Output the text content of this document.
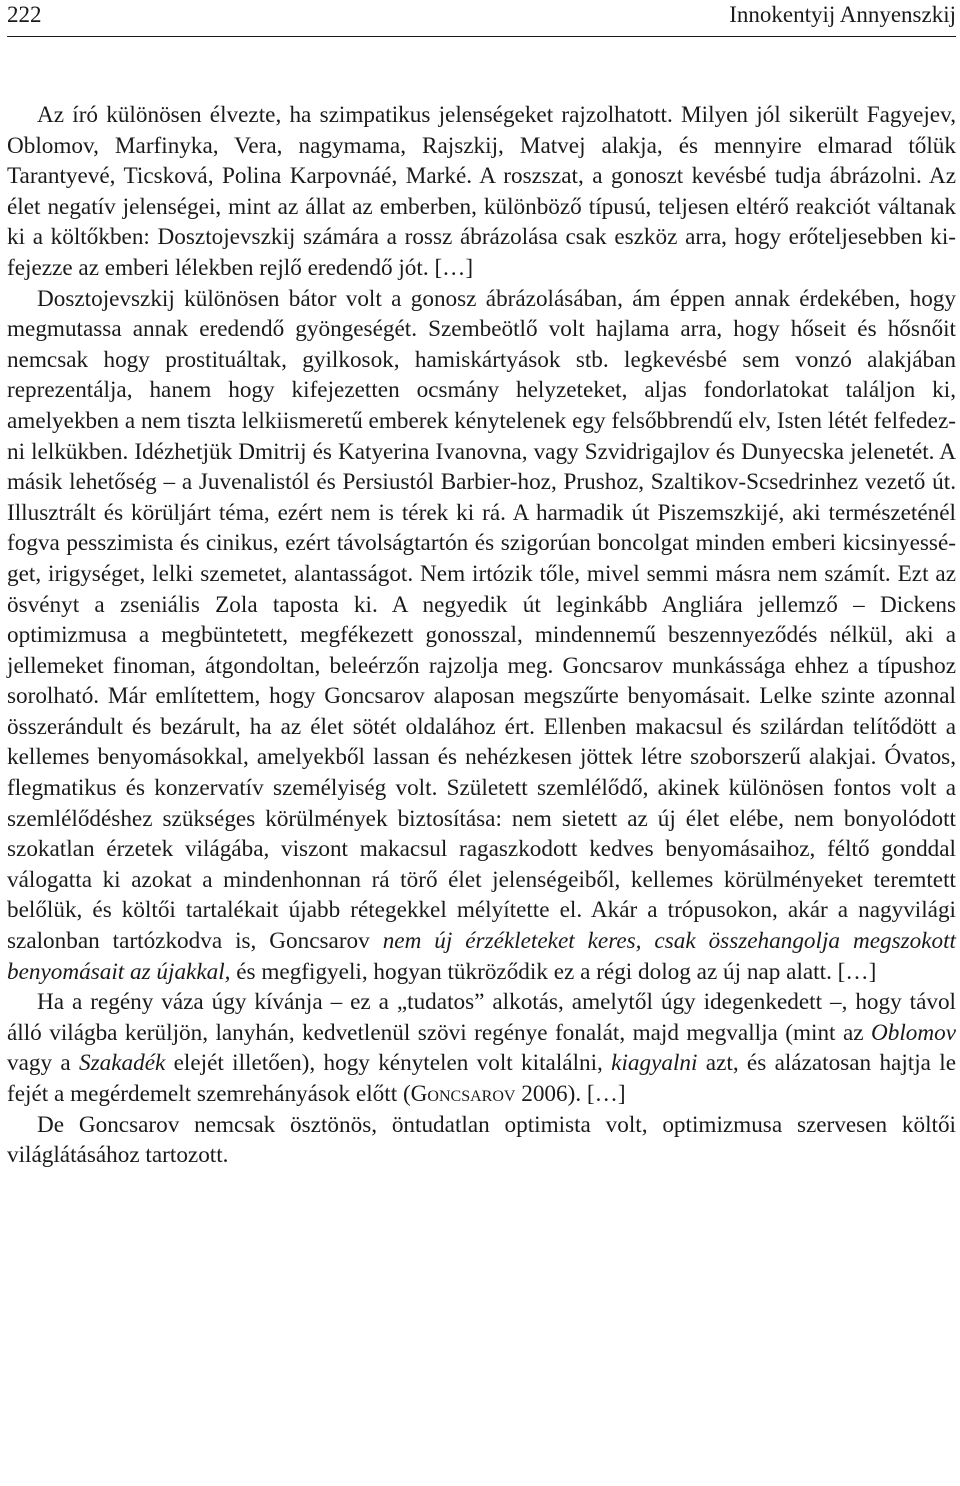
222	Innokentyij Annyenszkij

Az író különösen élvezte, ha szimpatikus jelenségeket rajzolhatott. Milyen jól sikerült Fagyejev, Oblomov, Marfinyka, Vera, nagymama, Rajszkij, Matvej alakja, és mennyire elmarad tőlük Tarantyevé, Ticsková, Polina Karpovnáé, Marké. A roszszat, a gonoszt kevésbé tudja ábrázolni. Az élet negatív jelenségei, mint az állat az emberben, különböző típusú, teljesen eltérő reakciót váltanak ki a költőkben: Dosztojevszkij számára a rossz ábrázolása csak eszköz arra, hogy erőteljesebben kifejezze az emberi lélekben rejlő eredendő jót. […]

Dosztojevszkij különösen bátor volt a gonosz ábrázolásában, ám éppen annak érdekében, hogy megmutassa annak eredendő gyöngeségét. Szembeötlő volt hajlama arra, hogy hőseit és hősnőit nemcsak hogy prostituáltak, gyilkosok, hamiskártyások stb. legkevésbé sem vonzó alakjában reprezentálja, hanem hogy kifejezetten ocsmány helyzeteket, aljas fondorlatokat találjon ki, amelyekben a nem tiszta lelkiismeretű emberek kénytelenek egy felsőbbrendű elv, Isten létét felfedezni lelkükben. Idézhetjük Dmitrij és Katyerina Ivanovna, vagy Szvidrigajlov és Dunyecska jelenetét. A másik lehetőség – a Juvenalistól és Persiustól Barbier-hoz, Prushoz, Szaltikov-Scsedrinhez vezető út. Illusztrált és körüljárt téma, ezért nem is térek ki rá. A harmadik út Piszemszkijé, aki természeténél fogva pesszimista és cinikus, ezért távolságtartón és szigorúan boncolgat minden emberi kicsinyességet, irigységet, lelki szemetet, alantasságot. Nem irtózik tőle, mivel semmi másra nem számít. Ezt az ösvényt a zseniális Zola taposta ki. A negyedik út leginkább Angliára jellemző – Dickens optimizmusa a megbüntetett, megfékezett gonosszal, mindennemű beszennyeződés nélkül, aki a jellemeket finoman, átgondoltan, beleérzőn rajzolja meg. Goncsarov munkássága ehhez a típushoz sorolható. Már említettem, hogy Goncsarov alaposan megszűrte benyomásait. Lelke szinte azonnal összerándult és bezárult, ha az élet sötét oldalához ért. Ellenben makacsul és szilárdan telítődött a kellemes benyomásokkal, amelyekből lassan és nehézkesen jöttek létre szoborszerű alakjai. Óvatos, flegmatikus és konzervatív személyiség volt. Született szemlélődő, akinek különösen fontos volt a szemlélődéshez szükséges körülmények biztosítása: nem sietett az új élet elébe, nem bonyolódott szokatlan érzetek világába, viszont makacsul ragaszkodott kedves benyomásaihoz, féltő gonddal válogatta ki azokat a mindenhonnan rá törő élet jelenségeiből, kellemes körülményeket teremtett belőlük, és költői tartalékait újabb rétegekkel mélyítette el. Akár a trópusokon, akár a nagyvilági szalonban tartózkodva is, Goncsarov nem új érzékleteket keres, csak összehangolja megszokott benyomásait az újakkal, és megfigyeli, hogyan tükröződik ez a régi dolog az új nap alatt. […]

Ha a regény váza úgy kívánja – ez a „tudatos” alkotás, amelytől úgy idegenkedett –, hogy távol álló világba kerüljön, lanyhán, kedvetlenül szövi regénye fonalát, majd megvallja (mint az Oblomov vagy a Szakadék elejét illetően), hogy kénytelen volt kitalálni, kiagyalni azt, és alázatosan hajtja le fejét a megérdemelt szemrehányások előtt (Goncsarov 2006). […]

De Goncsarov nemcsak ösztönös, öntudatlan optimista volt, optimizmusa szervesen költői világlátásához tartozott.
